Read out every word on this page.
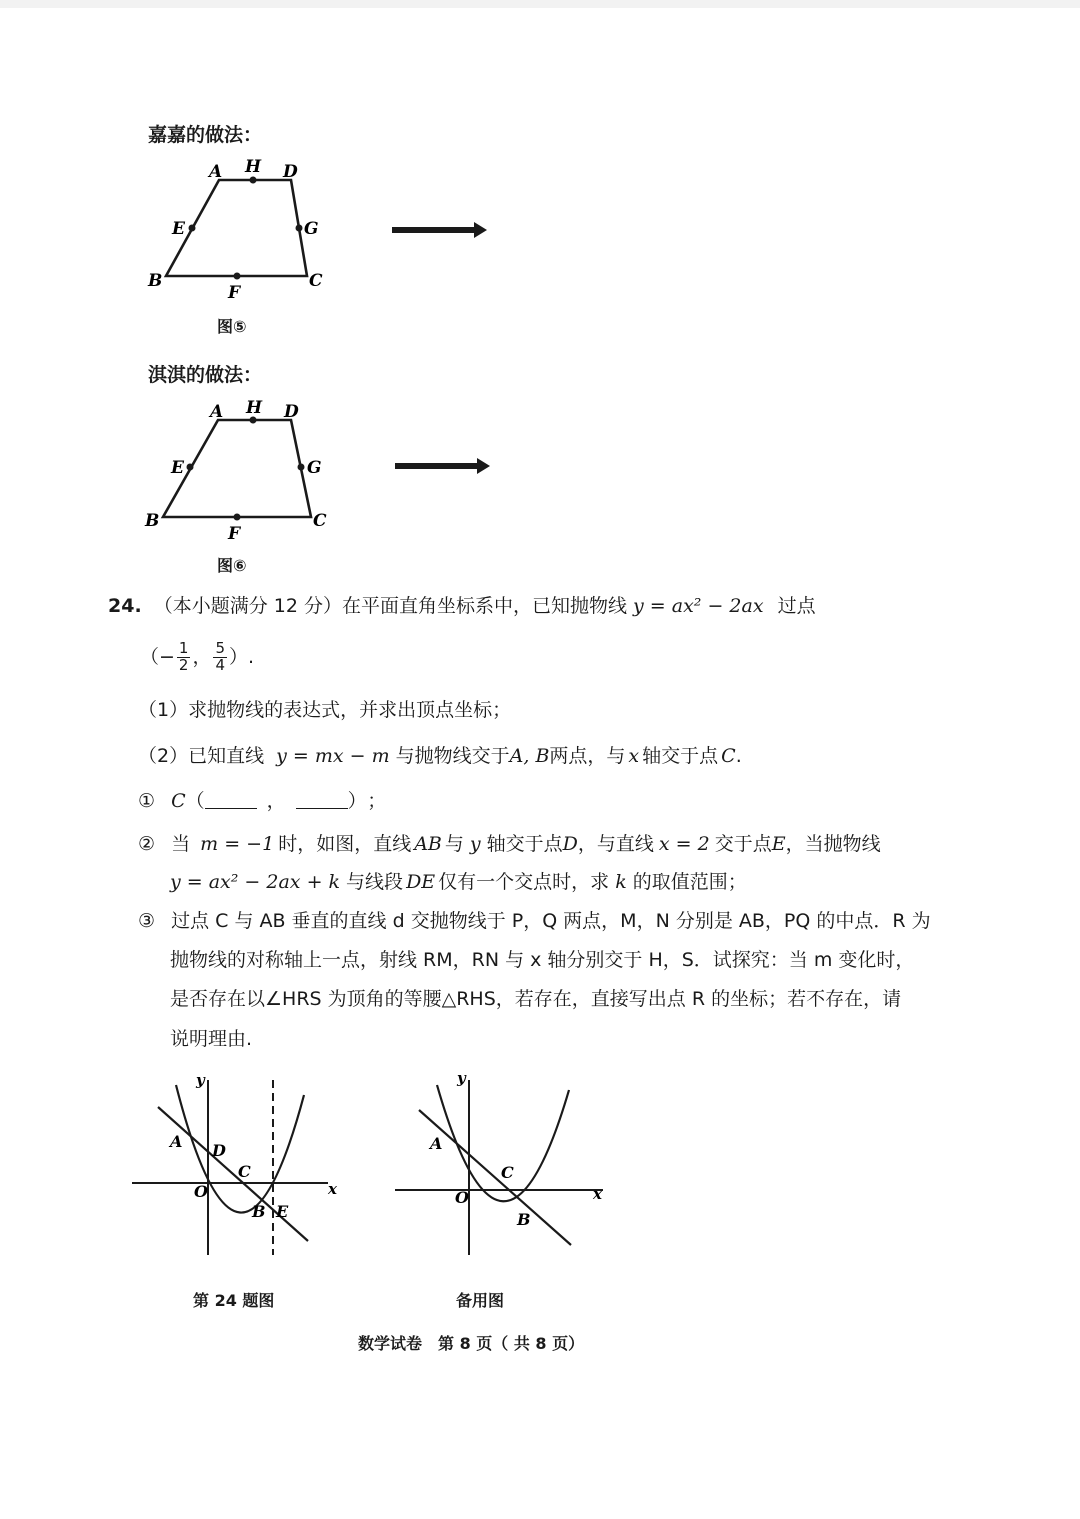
嘉嘉的做法：
A H D
E	G
B
F
C
图⑤
淇淇的做法：
A H D
E	G
B
F
C
图⑥
24. （本小题满分 12 分）在平面直角坐标系中，已知抛物线 y = ax² − 2ax 过点
（− $\frac{1}{2}$ ， $\frac{5}{4}$ ）.
（1）求抛物线的表达式，并求出顶点坐标；
（2）已知直线 y = mx − m 与抛物线交于A, B两点，与 x 轴交于点 C.
① C（	，	） ；
② 当 m = −1 时，如图，直线 AB 与 y 轴交于点D，与直线 x = 2 交于点E，当抛物线
y = ax² − 2ax + k 与线段 DE 仅有一个交点时，求 k 的取值范围；
③ 过点 C 与 AB 垂直的直线 d 交抛物线于 P，Q 两点，M，N 分别是 AB，PQ 的中点．R 为
抛物线的对称轴上一点，射线 RM，RN 与 x 轴分别交于 H，S．试探究：当 m 变化时，
是否存在以∠HRS 为顶角的等腰△RHS，若存在，直接写出点 R 的坐标；若不存在，请
说明理由.
y
x
O
A D
C
B E
第 24 题图
y
x
O
A
C
B
备用图
数学试卷　第 8 页（ 共 8 页）
